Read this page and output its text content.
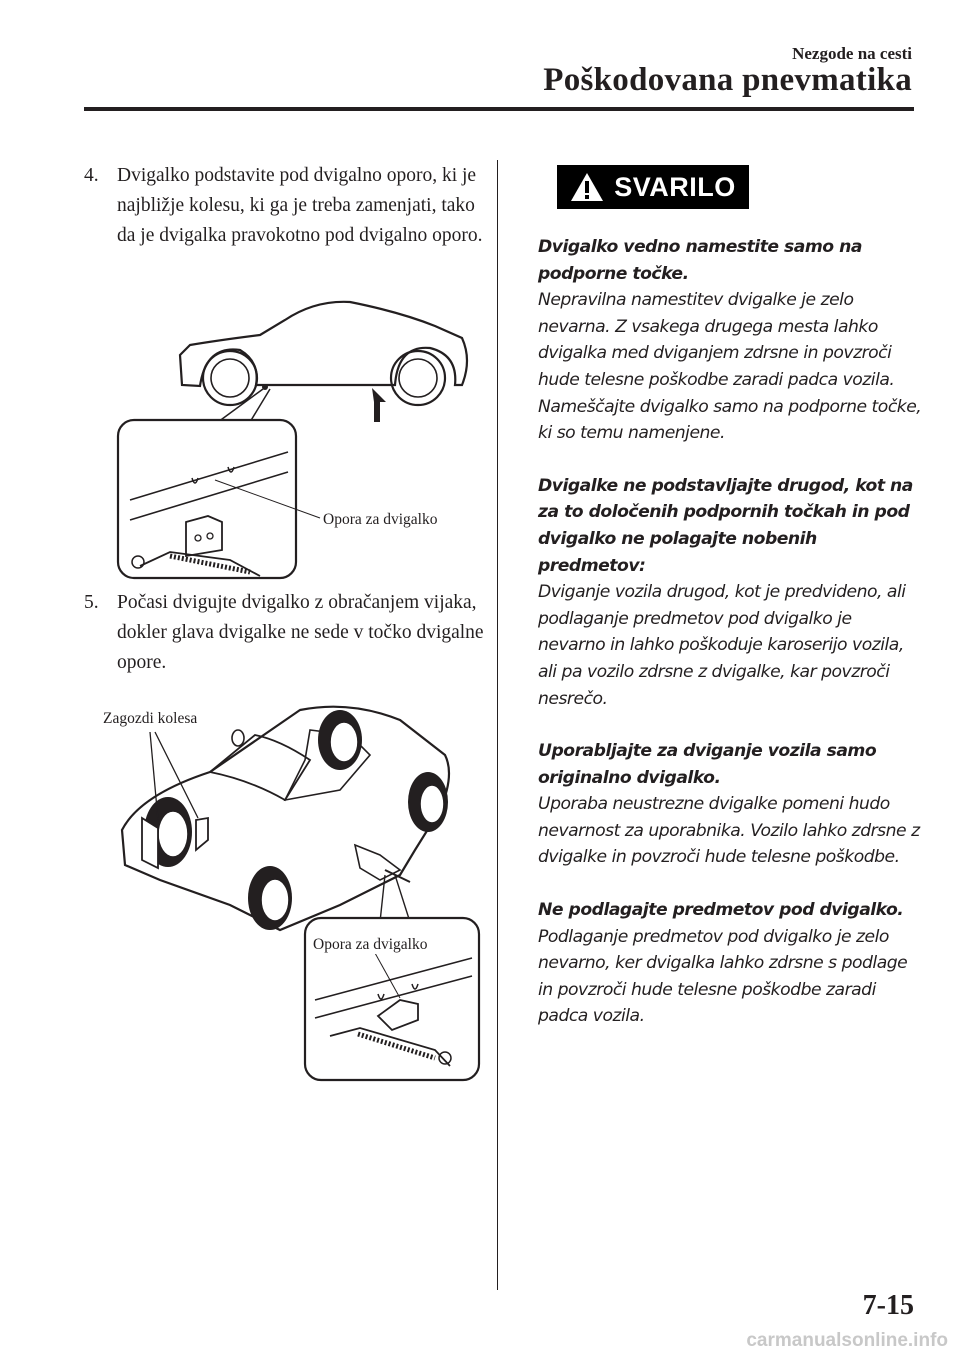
Nezgode na cesti
Poškodovana pnevmatika
4. Dvigalko podstavite pod dvigalno oporo, ki je najbližje kolesu, ki ga je treba zamenjati, tako da je dvigalka pravokotno pod dvigalno oporo.
Opora za dvigalko
5. Počasi dvigujte dvigalko z obračanjem vijaka, dokler glava dvigalke ne sede v točko dvigalne opore.
Zagozdi kolesa
Opora za dvigalko
SVARILO

Dvigalko vedno namestite samo na podporne točke.
Nepravilna namestitev dvigalke je zelo nevarna. Z vsakega drugega mesta lahko dvigalka med dviganjem zdrsne in povzroči hude telesne poškodbe zaradi padca vozila. Nameščajte dvigalko samo na podporne točke, ki so temu namenjene.

Dvigalke ne podstavljajte drugod, kot na za to določenih podpornih točkah in pod dvigalko ne polagajte nobenih predmetov:
Dviganje vozila drugod, kot je predvideno, ali podlaganje predmetov pod dvigalko je nevarno in lahko poškoduje karoserijo vozila, ali pa vozilo zdrsne z dvigalke, kar povzroči nesrečo.

Uporabljajte za dviganje vozila samo originalno dvigalko.
Uporaba neustrezne dvigalke pomeni hudo nevarnost za uporabnika. Vozilo lahko zdrsne z dvigalke in povzroči hude telesne poškodbe.

Ne podlagajte predmetov pod dvigalko.
Podlaganje predmetov pod dvigalko je zelo nevarno, ker dvigalka lahko zdrsne s podlage in povzroči hude telesne poškodbe zaradi padca vozila.

7-15
carmanualsonline.info
